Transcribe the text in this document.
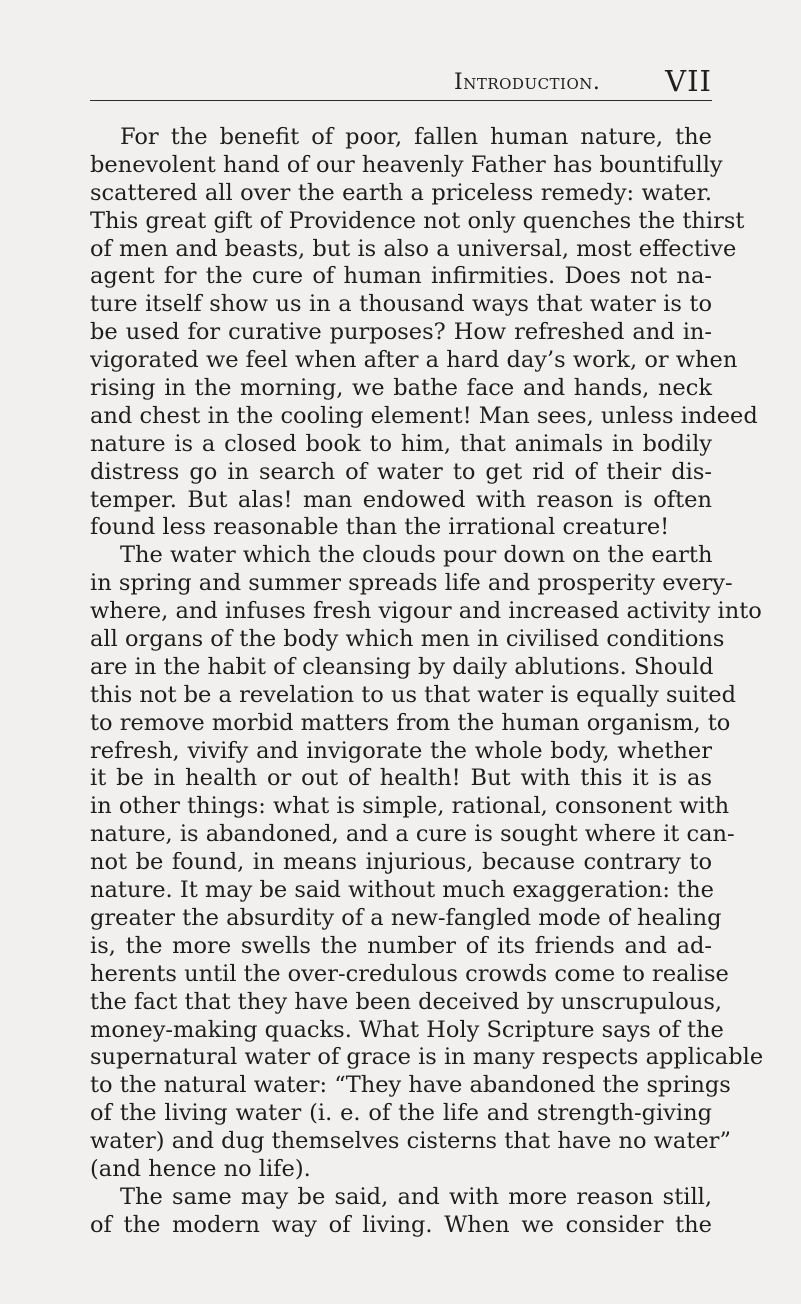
Introduction. VII
For the benefit of poor, fallen human nature, the
benevolent hand of our heavenly Father has bountifully
scattered all over the earth a priceless remedy: water.
This great gift of Providence not only quenches the thirst
of men and beasts, but is also a universal, most effective
agent for the cure of human infirmities. Does not na-
ture itself show us in a thousand ways that water is to
be used for curative purposes? How refreshed and in-
vigorated we feel when after a hard day’s work, or when
rising in the morning, we bathe face and hands, neck
and chest in the cooling element! Man sees, unless indeed
nature is a closed book to him, that animals in bodily
distress go in search of water to get rid of their dis-
temper. But alas! man endowed with reason is often
found less reasonable than the irrational creature!
The water which the clouds pour down on the earth
in spring and summer spreads life and prosperity every-
where, and infuses fresh vigour and increased activity into
all organs of the body which men in civilised conditions
are in the habit of cleansing by daily ablutions. Should
this not be a revelation to us that water is equally suited
to remove morbid matters from the human organism, to
refresh, vivify and invigorate the whole body, whether
it be in health or out of health! But with this it is as
in other things: what is simple, rational, consonent with
nature, is abandoned, and a cure is sought where it can-
not be found, in means injurious, because contrary to
nature. It may be said without much exaggeration: the
greater the absurdity of a new-fangled mode of healing
is, the more swells the number of its friends and ad-
herents until the over-credulous crowds come to realise
the fact that they have been deceived by unscrupulous,
money-making quacks. What Holy Scripture says of the
supernatural water of grace is in many respects applicable
to the natural water: “They have abandoned the springs
of the living water (i. e. of the life and strength-giving
water) and dug themselves cisterns that have no water”
(and hence no life).
The same may be said, and with more reason still,
of the modern way of living. When we consider the
